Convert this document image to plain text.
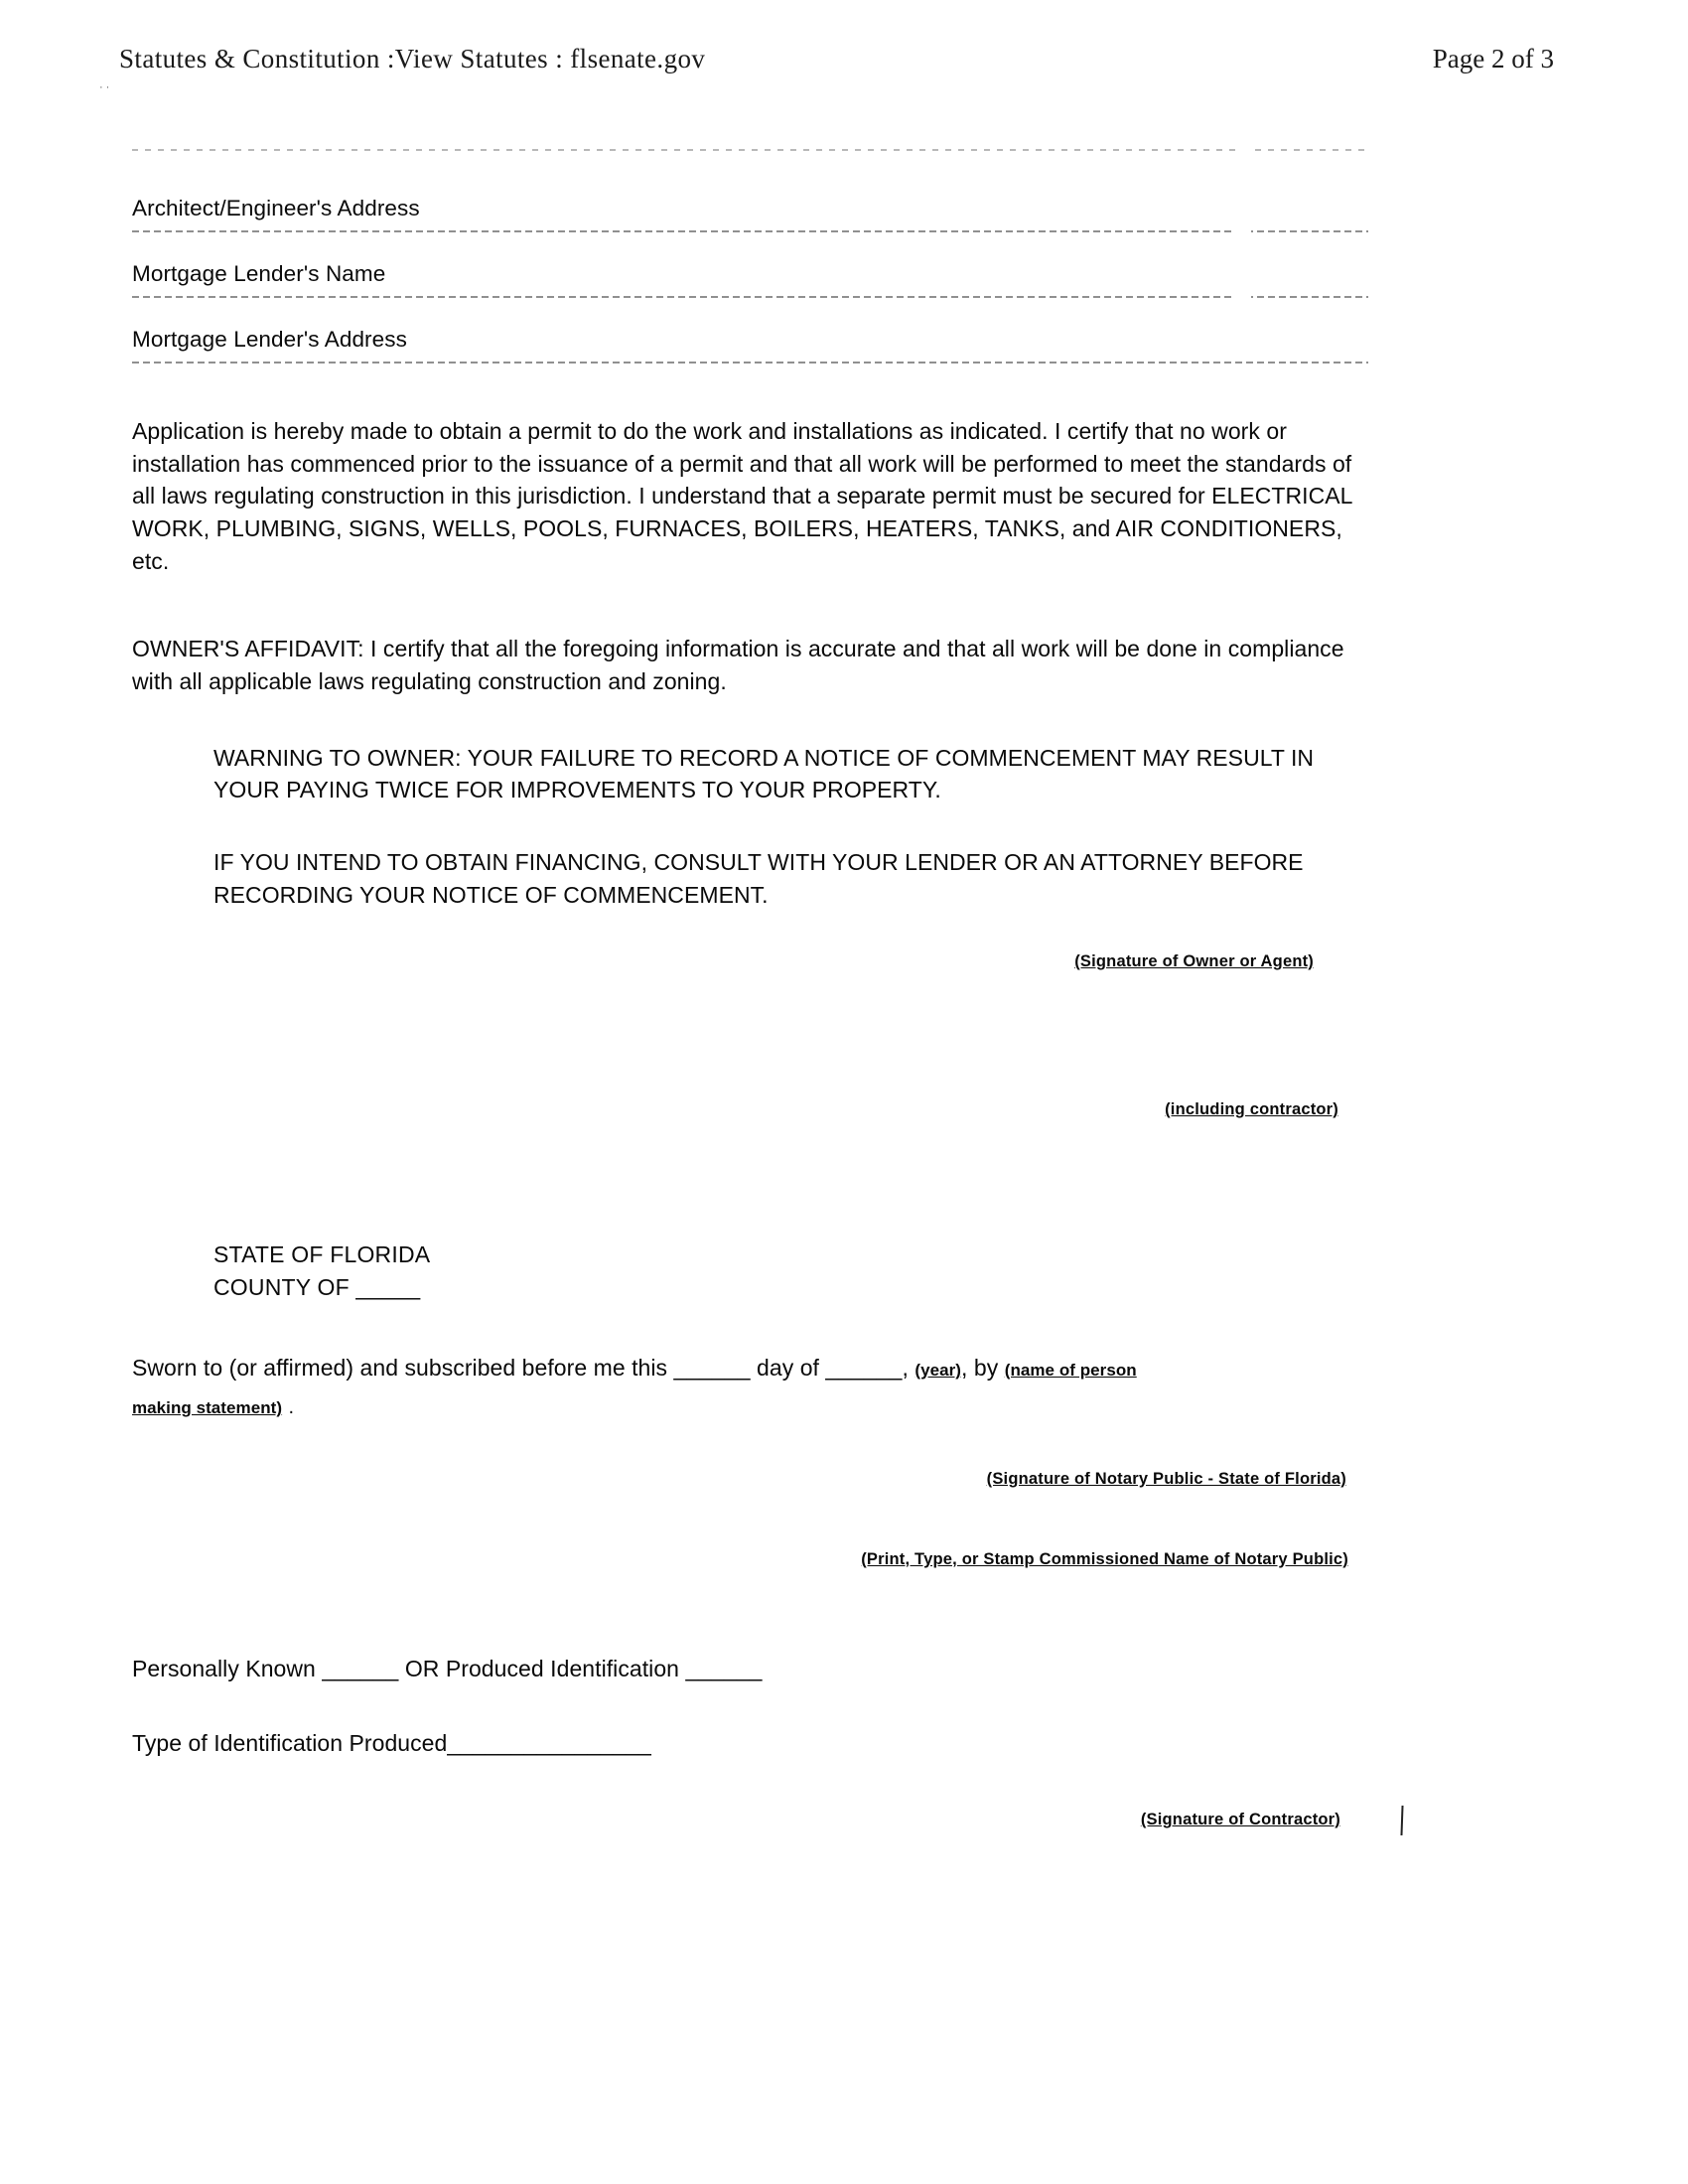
Statutes & Constitution :View Statutes : flsenate.gov	Page 2 of 3
··
Architect/Engineer's Address
Mortgage Lender's Name
Mortgage Lender's Address

Application is hereby made to obtain a permit to do the work and installations as indicated. I certify that no work or installation has commenced prior to the issuance of a permit and that all work will be performed to meet the standards of all laws regulating construction in this jurisdiction. I understand that a separate permit must be secured for ELECTRICAL WORK, PLUMBING, SIGNS, WELLS, POOLS, FURNACES, BOILERS, HEATERS, TANKS, and AIR CONDITIONERS, etc.

OWNER'S AFFIDAVIT: I certify that all the foregoing information is accurate and that all work will be done in compliance with all applicable laws regulating construction and zoning.

WARNING TO OWNER: YOUR FAILURE TO RECORD A NOTICE OF COMMENCEMENT MAY RESULT IN YOUR PAYING TWICE FOR IMPROVEMENTS TO YOUR PROPERTY.

IF YOU INTEND TO OBTAIN FINANCING, CONSULT WITH YOUR LENDER OR AN ATTORNEY BEFORE RECORDING YOUR NOTICE OF COMMENCEMENT.

(Signature of Owner or Agent)
(including contractor)
STATE OF FLORIDA
COUNTY OF _____

Sworn to (or affirmed) and subscribed before me this ______ day of ______, (year), by (name of person

making statement) .

(Signature of Notary Public - State of Florida)
(Print, Type, or Stamp Commissioned Name of Notary Public)

Personally Known ______ OR Produced Identification ______

Type of Identification Produced________________

(Signature of Contractor)
